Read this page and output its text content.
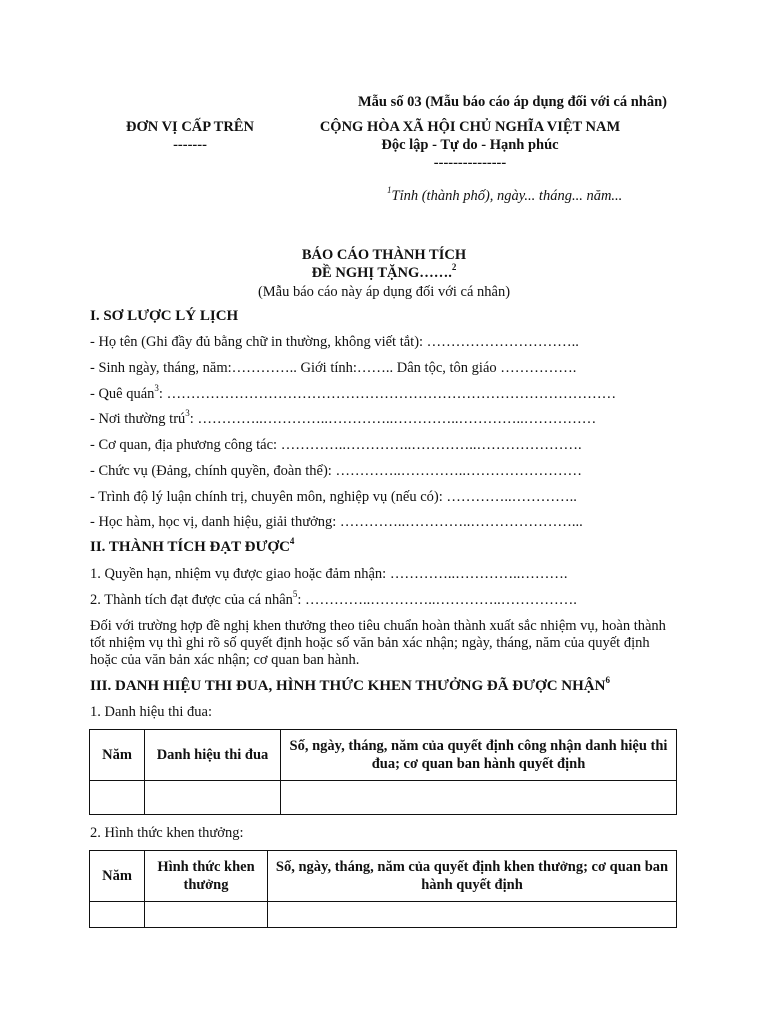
Mẫu số 03 (Mẫu báo cáo áp dụng đối với cá nhân)
ĐƠN VỊ CẤP TRÊN
-------
CỘNG HÒA XÃ HỘI CHỦ NGHĨA VIỆT NAM
Độc lập - Tự do - Hạnh phúc
---------------
$^1$Tỉnh (thành phố), ngày... tháng... năm...
BÁO CÁO THÀNH TÍCH
ĐỀ NGHỊ TẶNG…….$^2$
(Mẫu báo cáo này áp dụng đối với cá nhân)
I. SƠ LƯỢC LÝ LỊCH
- Họ tên (Ghi đầy đủ bằng chữ in thường, không viết tắt): …………………………..
- Sinh ngày, tháng, năm:………….. Giới tính:…….. Dân tộc, tôn giáo …………….
- Quê quán$^3$: …………………………………………………………………………………
- Nơi thường trú$^3$: …………..…………..…………..…………..…………..……………
- Cơ quan, địa phương công tác: …………..…………..…………..………………….
- Chức vụ (Đảng, chính quyền, đoàn thể): …………..…………..……………………
- Trình độ lý luận chính trị, chuyên môn, nghiệp vụ (nếu có): …………..…………..
- Học hàm, học vị, danh hiệu, giải thưởng: …………..…………..…………………...
II. THÀNH TÍCH ĐẠT ĐƯỢC$^4$
1. Quyền hạn, nhiệm vụ được giao hoặc đảm nhận: …………..…………..……….
2. Thành tích đạt được của cá nhân$^5$: …………..…………..…………..…………….
Đối với trường hợp đề nghị khen thưởng theo tiêu chuẩn hoàn thành xuất sắc nhiệm vụ, hoàn thành tốt nhiệm vụ thì ghi rõ số quyết định hoặc số văn bản xác nhận; ngày, tháng, năm của quyết định hoặc của văn bản xác nhận; cơ quan ban hành.
III. DANH HIỆU THI ĐUA, HÌNH THỨC KHEN THƯỞNG ĐÃ ĐƯỢC NHẬN$^6$
1. Danh hiệu thi đua:
Năm	Danh hiệu thi đua	Số, ngày, tháng, năm của quyết định công nhận danh hiệu thi đua; cơ quan ban hành quyết định

2. Hình thức khen thưởng:
Năm	Hình thức khen thưởng	Số, ngày, tháng, năm của quyết định khen thưởng; cơ quan ban hành quyết định
